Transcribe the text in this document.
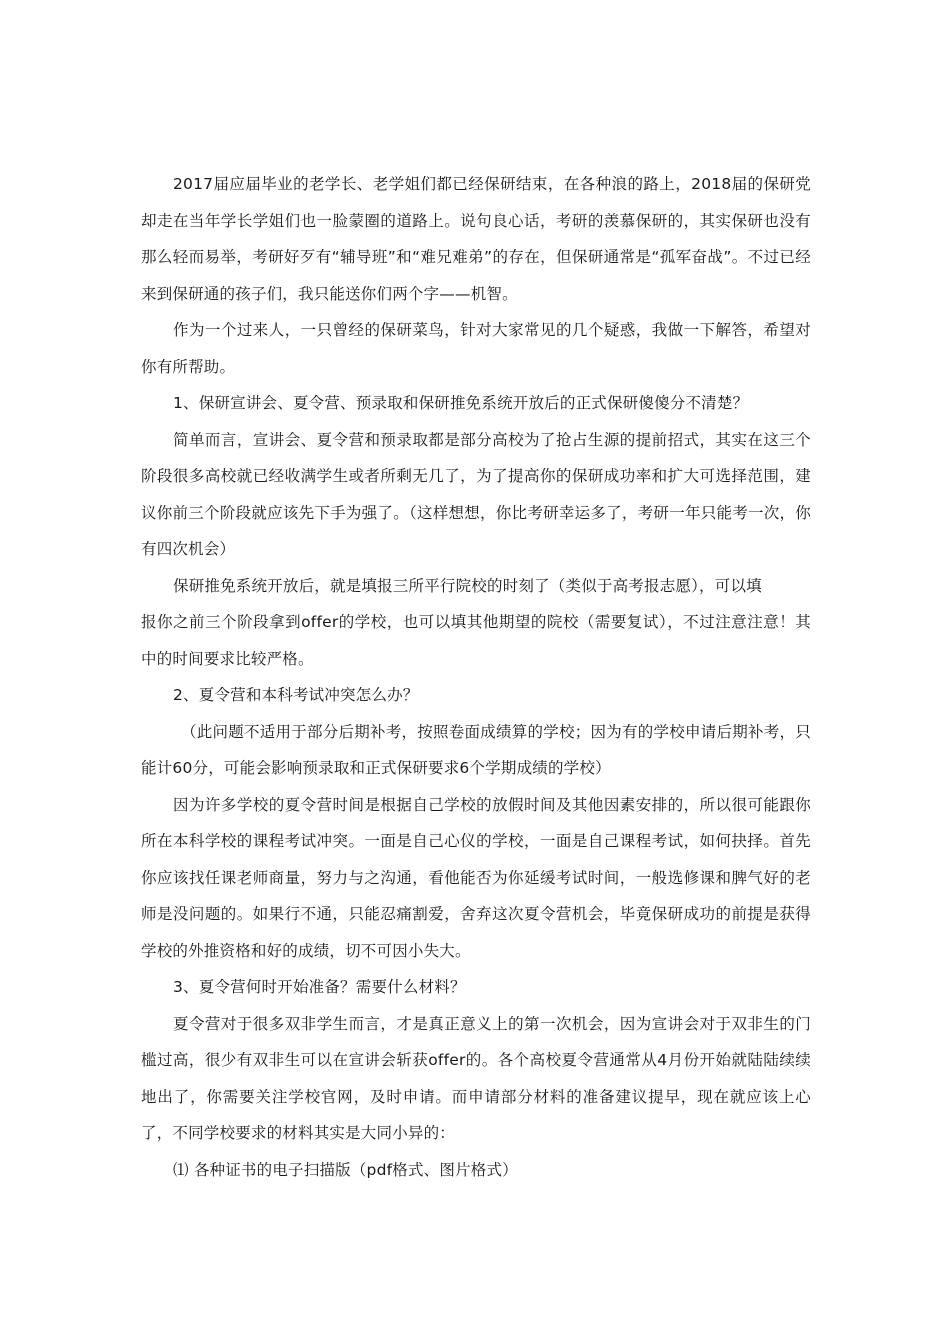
2017届应届毕业的老学长、老学姐们都已经保研结束，在各种浪的路上，2018届的保研党却走在当年学长学姐们也一脸蒙圈的道路上。说句良心话，考研的羡慕保研的，其实保研也没有那么轻而易举，考研好歹有“辅导班”和“难兄难弟”的存在，但保研通常是“孤军奋战”。不过已经来到保研通的孩子们，我只能送你们两个字——机智。

作为一个过来人，一只曾经的保研菜鸟，针对大家常见的几个疑惑，我做一下解答，希望对你有所帮助。

1、保研宣讲会、夏令营、预录取和保研推免系统开放后的正式保研傻傻分不清楚？

简单而言，宣讲会、夏令营和预录取都是部分高校为了抢占生源的提前招式，其实在这三个阶段很多高校就已经收满学生或者所剩无几了，为了提高你的保研成功率和扩大可选择范围，建议你前三个阶段就应该先下手为强了。（这样想想，你比考研幸运多了，考研一年只能考一次，你有四次机会）

保研推免系统开放后，就是填报三所平行院校的时刻了（类似于高考报志愿），可以填

报你之前三个阶段拿到offer的学校，也可以填其他期望的院校（需要复试），不过注意注意！其中的时间要求比较严格。

2、夏令营和本科考试冲突怎么办？

（此问题不适用于部分后期补考，按照卷面成绩算的学校；因为有的学校申请后期补考，只能计60分，可能会影响预录取和正式保研要求6个学期成绩的学校）

因为许多学校的夏令营时间是根据自己学校的放假时间及其他因素安排的，所以很可能跟你所在本科学校的课程考试冲突。一面是自己心仪的学校，一面是自己课程考试，如何抉择。首先你应该找任课老师商量，努力与之沟通，看他能否为你延缓考试时间，一般选修课和脾气好的老师是没问题的。如果行不通，只能忍痛割爱，舍弃这次夏令营机会，毕竟保研成功的前提是获得学校的外推资格和好的成绩，切不可因小失大。

3、夏令营何时开始准备？需要什么材料？

夏令营对于很多双非学生而言，才是真正意义上的第一次机会，因为宣讲会对于双非生的门槛过高，很少有双非生可以在宣讲会斩获offer的。各个高校夏令营通常从4月份开始就陆陆续续地出了，你需要关注学校官网，及时申请。而申请部分材料的准备建议提早，现在就应该上心了，不同学校要求的材料其实是大同小异的：

⑴ 各种证书的电子扫描版（pdf格式、图片格式）
